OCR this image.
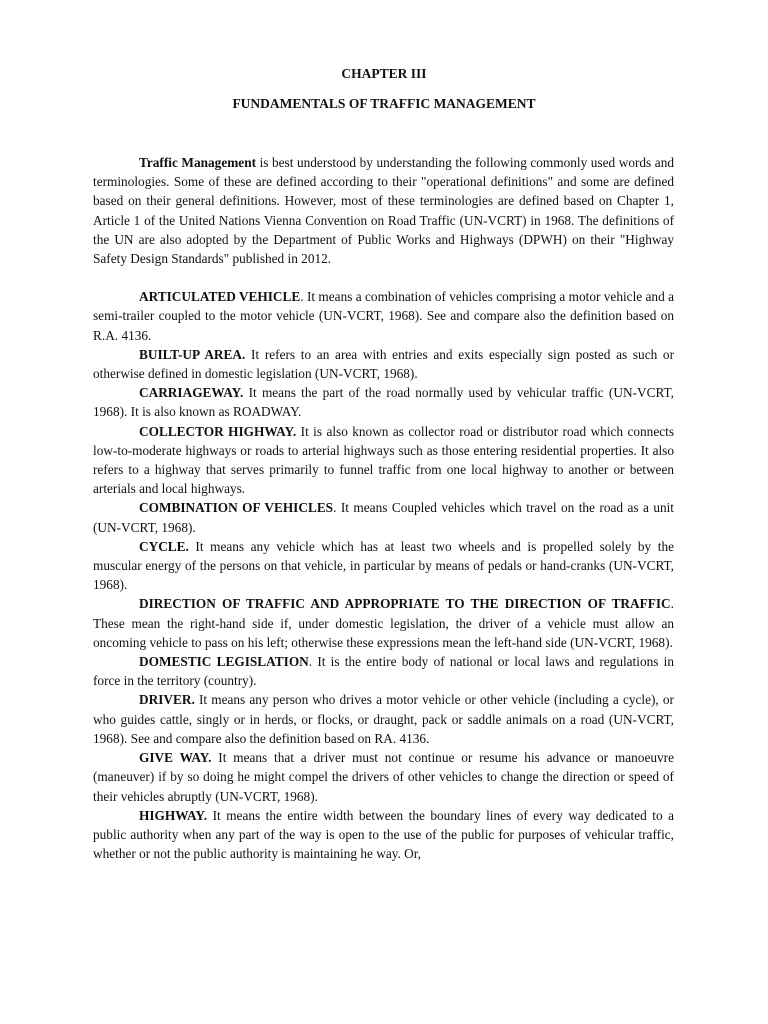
CHAPTER III
FUNDAMENTALS OF TRAFFIC MANAGEMENT

Traffic Management is best understood by understanding the following commonly used words and terminologies. Some of these are defined according to their "operational definitions" and some are defined based on their general definitions. However, most of these terminologies are defined based on Chapter 1, Article 1 of the United Nations Vienna Convention on Road Traffic (UN-VCRT) in 1968. The definitions of the UN are also adopted by the Department of Public Works and Highways (DPWH) on their "Highway Safety Design Standards" published in 2012.

ARTICULATED VEHICLE. It means a combination of vehicles comprising a motor vehicle and a semi-trailer coupled to the motor vehicle (UN-VCRT, 1968). See and compare also the definition based on R.A. 4136.

BUILT-UP AREA. It refers to an area with entries and exits especially sign posted as such or otherwise defined in domestic legislation (UN-VCRT, 1968).

CARRIAGEWAY. It means the part of the road normally used by vehicular traffic (UN-VCRT, 1968). It is also known as ROADWAY.

COLLECTOR HIGHWAY. It is also known as collector road or distributor road which connects low-to-moderate highways or roads to arterial highways such as those entering residential properties. It also refers to a highway that serves primarily to funnel traffic from one local highway to another or between arterials and local highways.

COMBINATION OF VEHICLES. It means Coupled vehicles which travel on the road as a unit (UN-VCRT, 1968).

CYCLE. It means any vehicle which has at least two wheels and is propelled solely by the muscular energy of the persons on that vehicle, in particular by means of pedals or hand-cranks (UN-VCRT, 1968).

DIRECTION OF TRAFFIC AND APPROPRIATE TO THE DIRECTION OF TRAFFIC. These mean the right-hand side if, under domestic legislation, the driver of a vehicle must allow an oncoming vehicle to pass on his left; otherwise these expressions mean the left-hand side (UN-VCRT, 1968).

DOMESTIC LEGISLATION. It is the entire body of national or local laws and regulations in force in the territory (country).

DRIVER. It means any person who drives a motor vehicle or other vehicle (including a cycle), or who guides cattle, singly or in herds, or flocks, or draught, pack or saddle animals on a road (UN-VCRT, 1968). See and compare also the definition based on RA. 4136.

GIVE WAY. It means that a driver must not continue or resume his advance or manoeuvre (maneuver) if by so doing he might compel the drivers of other vehicles to change the direction or speed of their vehicles abruptly (UN-VCRT, 1968).

HIGHWAY. It means the entire width between the boundary lines of every way dedicated to a public authority when any part of the way is open to the use of the public for purposes of vehicular traffic, whether or not the public authority is maintaining he way. Or,
